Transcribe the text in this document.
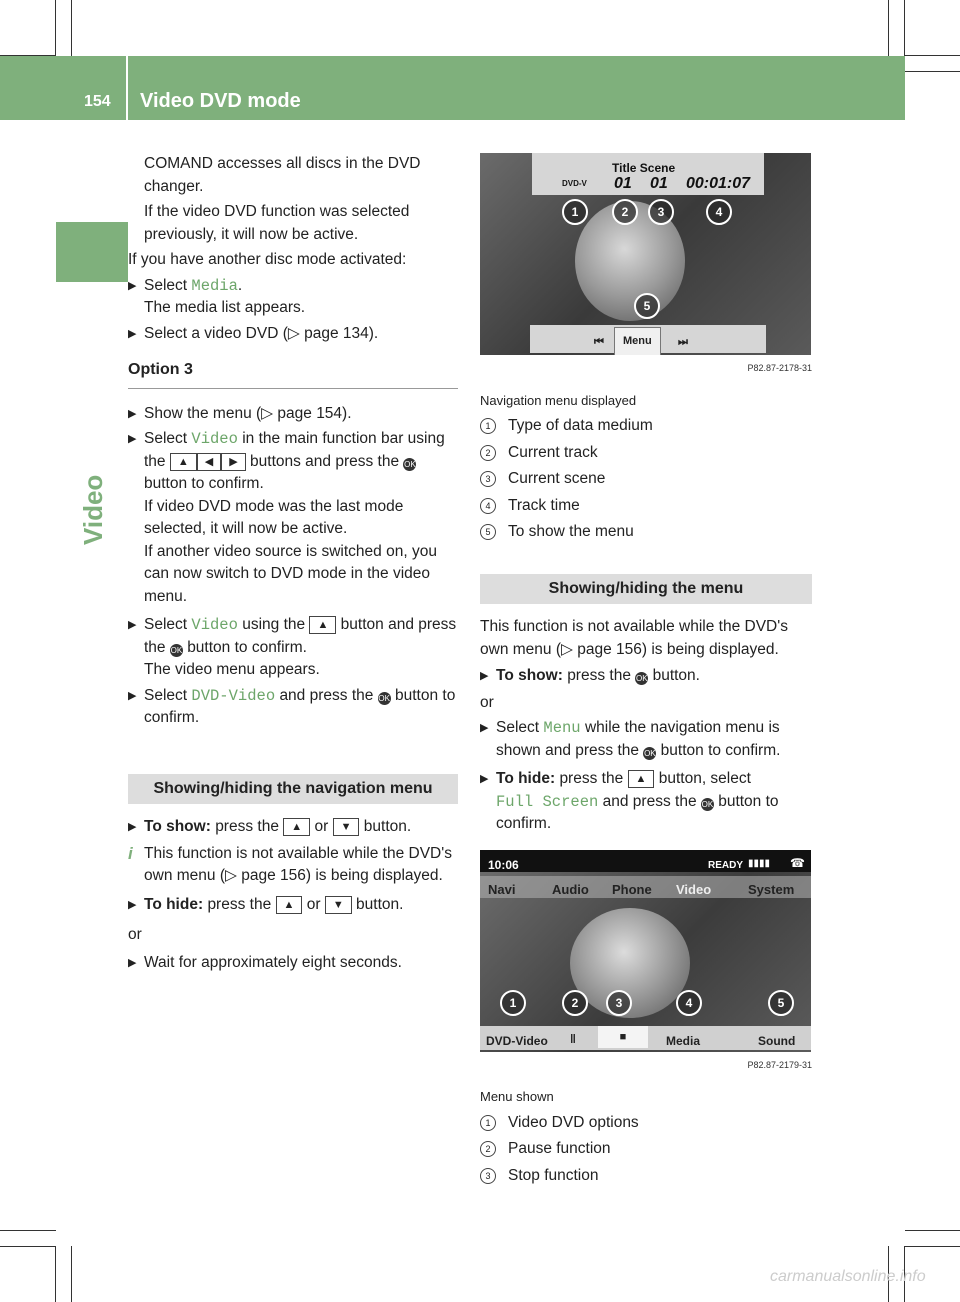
154 Video DVD mode
Video

COMAND accesses all discs in the DVD changer.

If the video DVD function was selected previously, it will now be active.

If you have another disc mode activated:

▶ Select Media.
The media list appears.
▶ Select a video DVD (▷ page 134).
Option 3
▶ Show the menu (▷ page 154).
▶ Select Video in the main function bar using the ▲ ◀ ▶ buttons and press the OK button to confirm.
If video DVD mode was the last mode selected, it will now be active.
If another video source is switched on, you can now switch to DVD mode in the video menu.
▶ Select Video using the ▲ button and press the OK button to confirm.
The video menu appears.
▶ Select DVD-Video and press the OK button to confirm.
Showing/hiding the navigation menu
▶ To show: press the ▲ or ▼ button.
i This function is not available while the DVD's own menu (▷ page 156) is being displayed.
▶ To hide: press the ▲ or ▼ button.

or

▶ Wait for approximately eight seconds.
Title Scene
DVD-V 01 01 00:01:07
⏮	Menu	⏭
1	2	3	4
5
P82.87-2178-31

Navigation menu displayed

1 Type of data medium
2 Current track
3 Current scene
4 Track time
5 To show the menu
Showing/hiding the menu

This function is not available while the DVD's own menu (▷ page 156) is being displayed.

▶ To show: press the OK button.

or

▶ Select Menu while the navigation menu is shown and press the OK button to confirm.
▶ To hide: press the ▲ button, select
Full Screen and press the OK button to confirm.
10:06	READY ▮▮▮▮ ☎
Navi	Audio Phone Video	System
DVD-Video ‖	■	Media	Sound
1	2	3	4	5
P82.87-2179-31

Menu shown

1 Video DVD options
2 Pause function
3 Stop function
carmanualsonline.info
